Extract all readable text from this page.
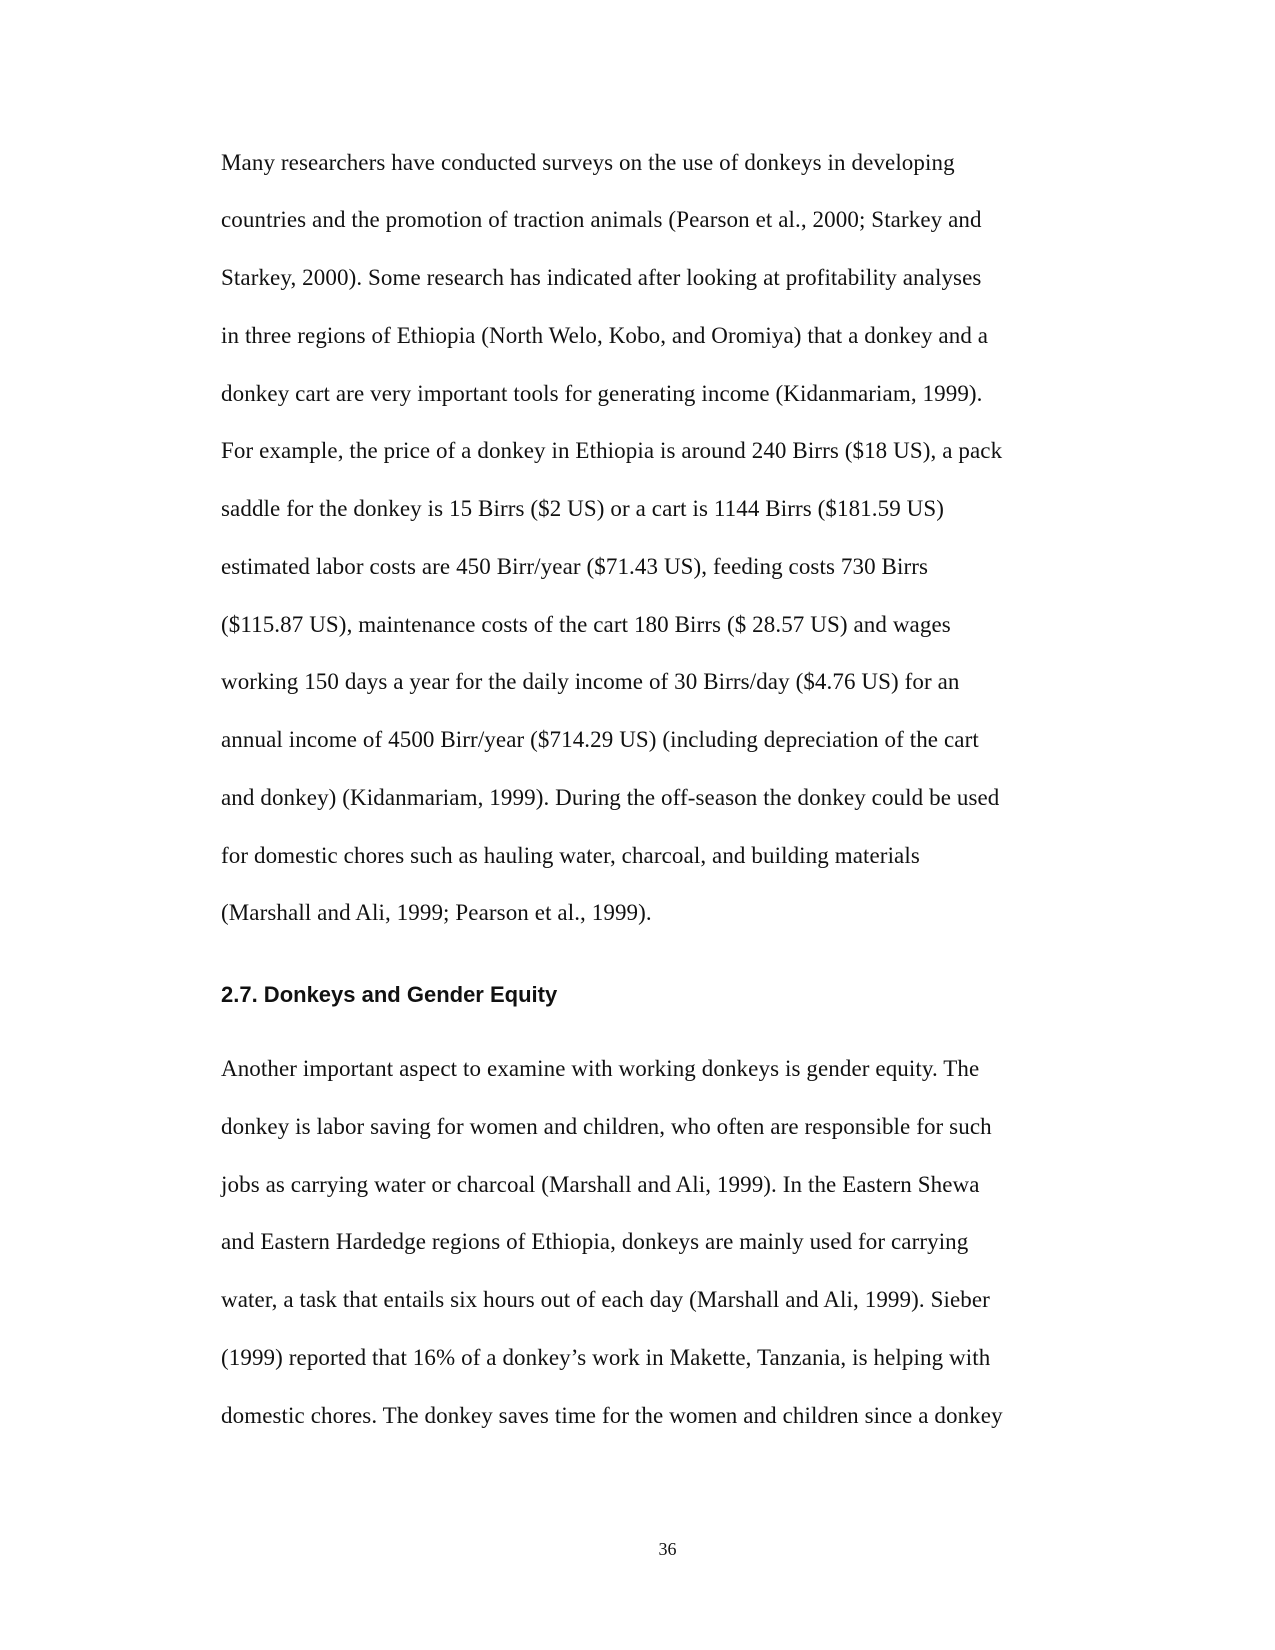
Many researchers have conducted surveys on the use of donkeys in developing
countries and the promotion of traction animals (Pearson et al., 2000; Starkey and
Starkey, 2000). Some research has indicated after looking at profitability analyses
in three regions of Ethiopia (North Welo, Kobo, and Oromiya) that a donkey and a
donkey cart are very important tools for generating income (Kidanmariam, 1999).
For example, the price of a donkey in Ethiopia is around 240 Birrs ($18 US), a pack
saddle for the donkey is 15 Birrs ($2 US) or a cart is 1144 Birrs ($181.59 US)
estimated labor costs are 450 Birr/year ($71.43 US), feeding costs 730 Birrs
($115.87 US), maintenance costs of the cart 180 Birrs ($ 28.57 US) and wages
working 150 days a year for the daily income of 30 Birrs/day ($4.76 US) for an
annual income of 4500 Birr/year ($714.29 US) (including depreciation of the cart
and donkey) (Kidanmariam, 1999). During the off-season the donkey could be used
for domestic chores such as hauling water, charcoal, and building materials
(Marshall and Ali, 1999; Pearson et al., 1999).
2.7. Donkeys and Gender Equity
Another important aspect to examine with working donkeys is gender equity. The
donkey is labor saving for women and children, who often are responsible for such
jobs as carrying water or charcoal (Marshall and Ali, 1999). In the Eastern Shewa
and Eastern Hardedge regions of Ethiopia, donkeys are mainly used for carrying
water, a task that entails six hours out of each day (Marshall and Ali, 1999). Sieber
(1999) reported that 16% of a donkey’s work in Makette, Tanzania, is helping with
domestic chores. The donkey saves time for the women and children since a donkey
36
